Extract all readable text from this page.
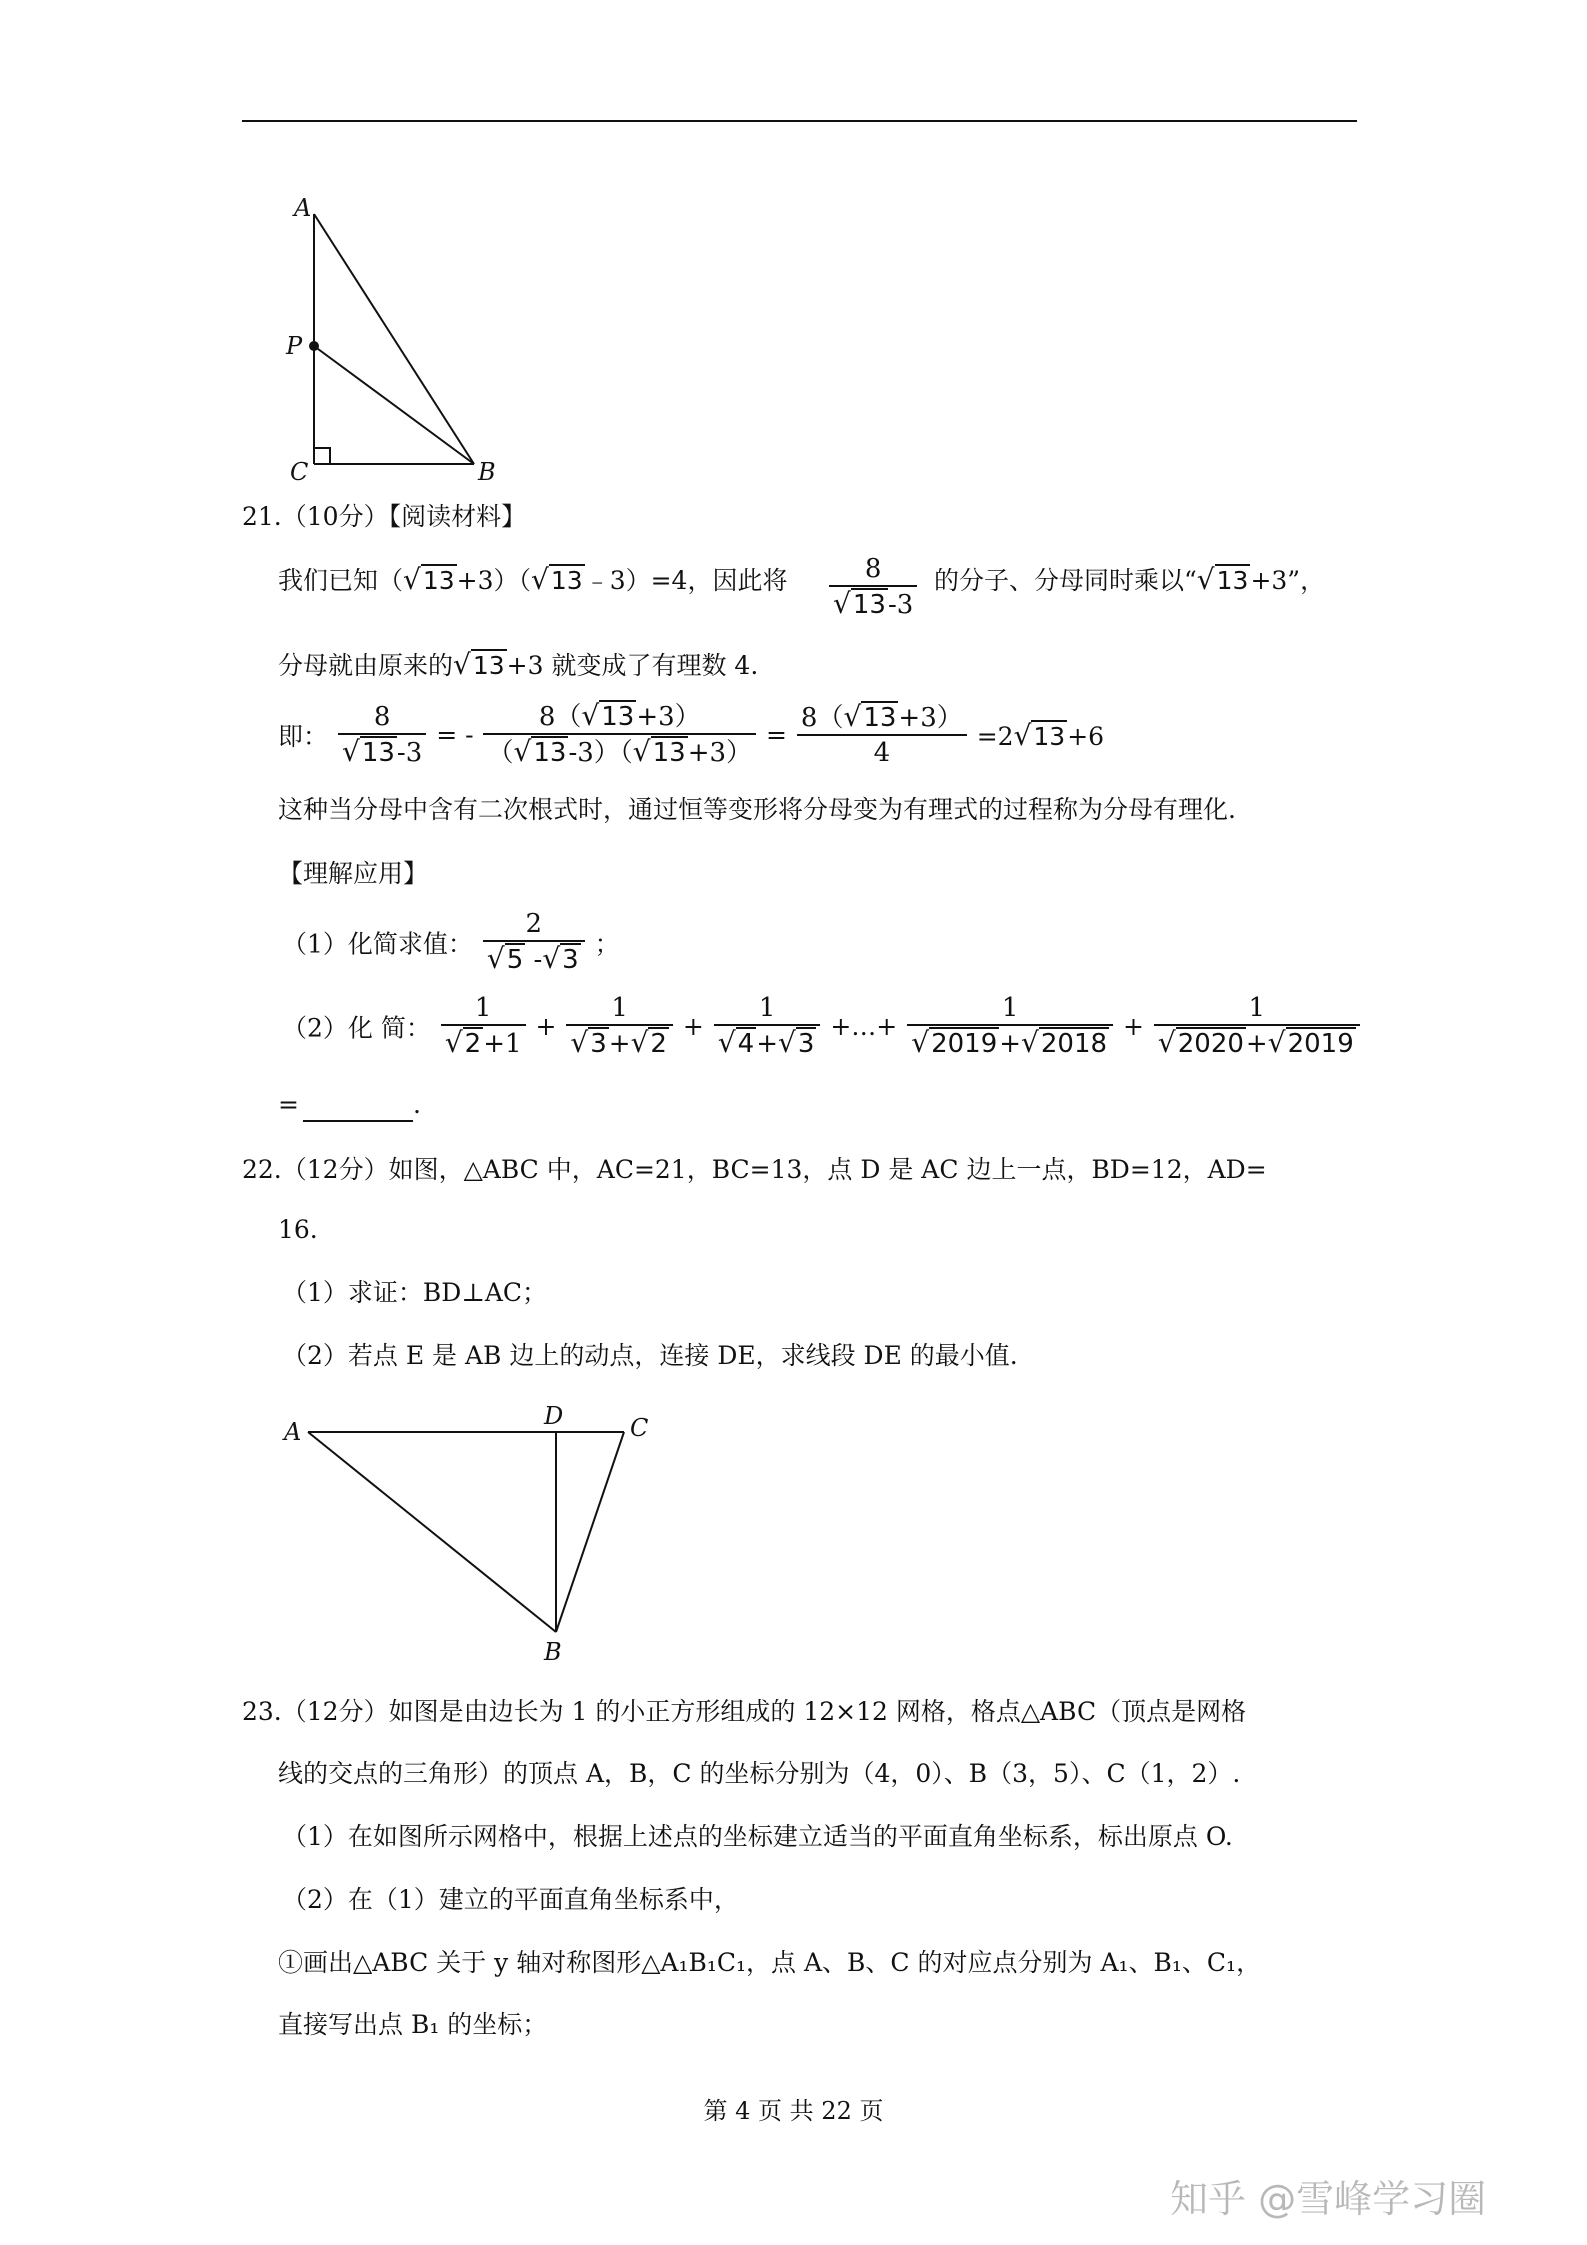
A
P
C	B
21.（10分）【阅读材料】
我们已知（√13+3）（√13﹣3）=4，因此将 $\frac{8}{√13-3}$ 的分子、分母同时乘以“√13+3”，
分母就由原来的√13+3 就变成了有理数 4.
即： $\frac{8}{√13-3}$ = - $\frac{8(√13+3)}{(√13-3)(√13+3)} = \frac{8(√13+3)}{4} =2√13+6$
这种当分母中含有二次根式时，通过恒等变形将分母变为有理式的过程称为分母有理化.
【理解应用】
（1）化简求值： $\frac{2}{√5 -√3}$ ；
（2）化 简： $\frac{1}{√2+1} + \frac{1}{√3+√2} + \frac{1}{√4+√3}$ +…+ $\frac{1}{√2019+√2018} + \frac{1}{√2020+√2019}$
=	.
22.（12分）如图，△ABC 中，AC=21，BC=13，点 D 是 AC 边上一点，BD=12，AD=
16.
（1）求证：BD⊥AC；
（2）若点 E 是 AB 边上的动点，连接 DE，求线段 DE 的最小值.
A
D	C
B
23.（12分）如图是由边长为 1 的小正方形组成的 12×12 网格，格点△ABC（顶点是网格
线的交点的三角形）的顶点 A，B，C 的坐标分别为（4，0）、B（3，5）、C（1，2）.
（1）在如图所示网格中，根据上述点的坐标建立适当的平面直角坐标系，标出原点 O.
（2）在（1）建立的平面直角坐标系中，
①画出△ABC 关于 y 轴对称图形△A₁B₁C₁，点 A、B、C 的对应点分别为 A₁、B₁、C₁，
直接写出点 B₁ 的坐标；
第 4 页 共 22 页
知乎 @雪峰学习圈
